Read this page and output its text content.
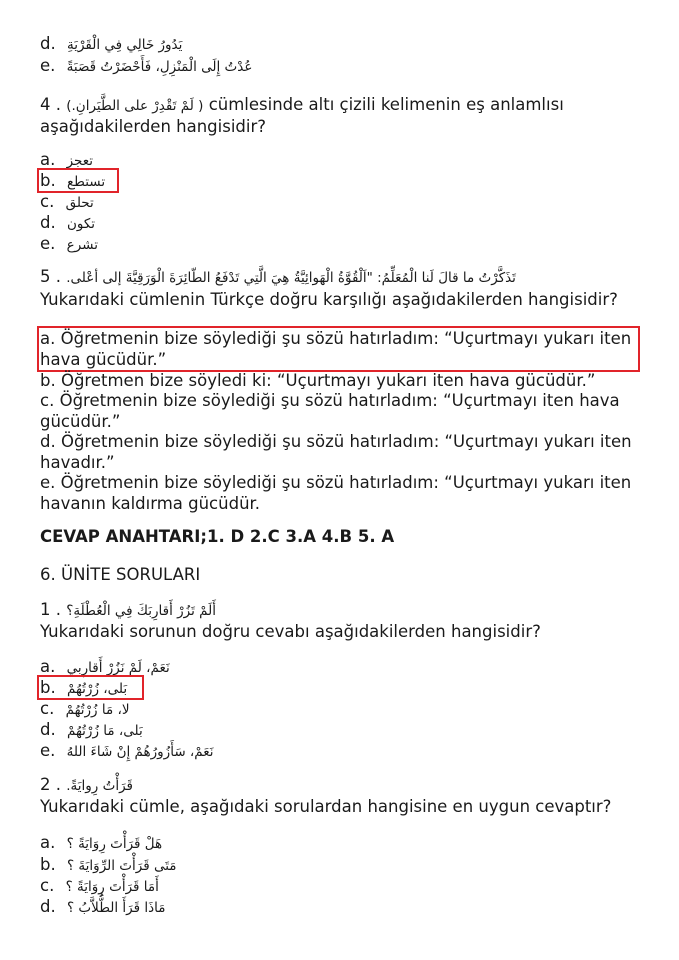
d. يَدُورُ خَالِي فِي الْقَرْيَةِ
e. عُدْتُ إِلَى الْمَنْزِلِ، فَأَحْضَرْتُ قَصَبَةً
4 . ( لَمْ تَقْدِرْ على الطَّيَرانِ.) cümlesinde altı çizili kelimenin eş anlamlısı
aşağıdakilerden hangisidir?
a. تعجز
b. تستطع
c. تحلق
d. تكون
e. تشرع
5 . تَذَكَّرْتُ ما قالَ لَنا الْمُعَلِّمُ: "اَلْقُوَّةُ الْهَوائِيَّةُ هِيَ الَّتِي تَدْفَعُ الطّائِرَةَ الْوَرَقِيَّةَ إلى أعْلى.
Yukarıdaki cümlenin Türkçe doğru karşılığı aşağıdakilerden hangisidir?
a. Öğretmenin bize söylediği şu sözü hatırladım: “Uçurtmayı yukarı iten hava gücüdür.”
b. Öğretmen bize söyledi ki: “Uçurtmayı yukarı iten hava gücüdür.”
c. Öğretmenin bize söylediği şu sözü hatırladım: “Uçurtmayı iten hava gücüdür.”
d. Öğretmenin bize söylediği şu sözü hatırladım: “Uçurtmayı yukarı iten havadır.”
e. Öğretmenin bize söylediği şu sözü hatırladım: “Uçurtmayı yukarı iten havanın kaldırma gücüdür.
CEVAP ANAHTARI;1. D 2.C 3.A 4.B 5. A
6. ÜNİTE SORULARI
1 . أَلَمْ تَزُرْ أَقارِبَكَ فِي الْعُطْلَةِ؟
Yukarıdaki sorunun doğru cevabı aşağıdakilerden hangisidir?
a. نَعَمْ، لَمْ نَزُرْ أَقارِبِي
b. بَلى، زُرْتُهُمْ
c. لا، مَا زُرْتُهُمْ
d. بَلى، مَا زُرْتُهُمْ
e. نَعَمْ، سَأَزُورُهُمْ إِنْ شَاءَ اللهُ
2 . قَرَأْتُ رِوايَةً.
Yukarıdaki cümle, aşağıdaki sorulardan hangisine en uygun cevaptır?
a. هَلْ قَرَأْتَ رِوَايَةً ؟
b. مَتَى قَرَأْتَ الرِّوَايَةَ ؟
c. أَمَا قَرَأْتَ رِوَايَةً ؟
d. مَاذَا قَرَأَ الطُّلاَّبُ ؟
